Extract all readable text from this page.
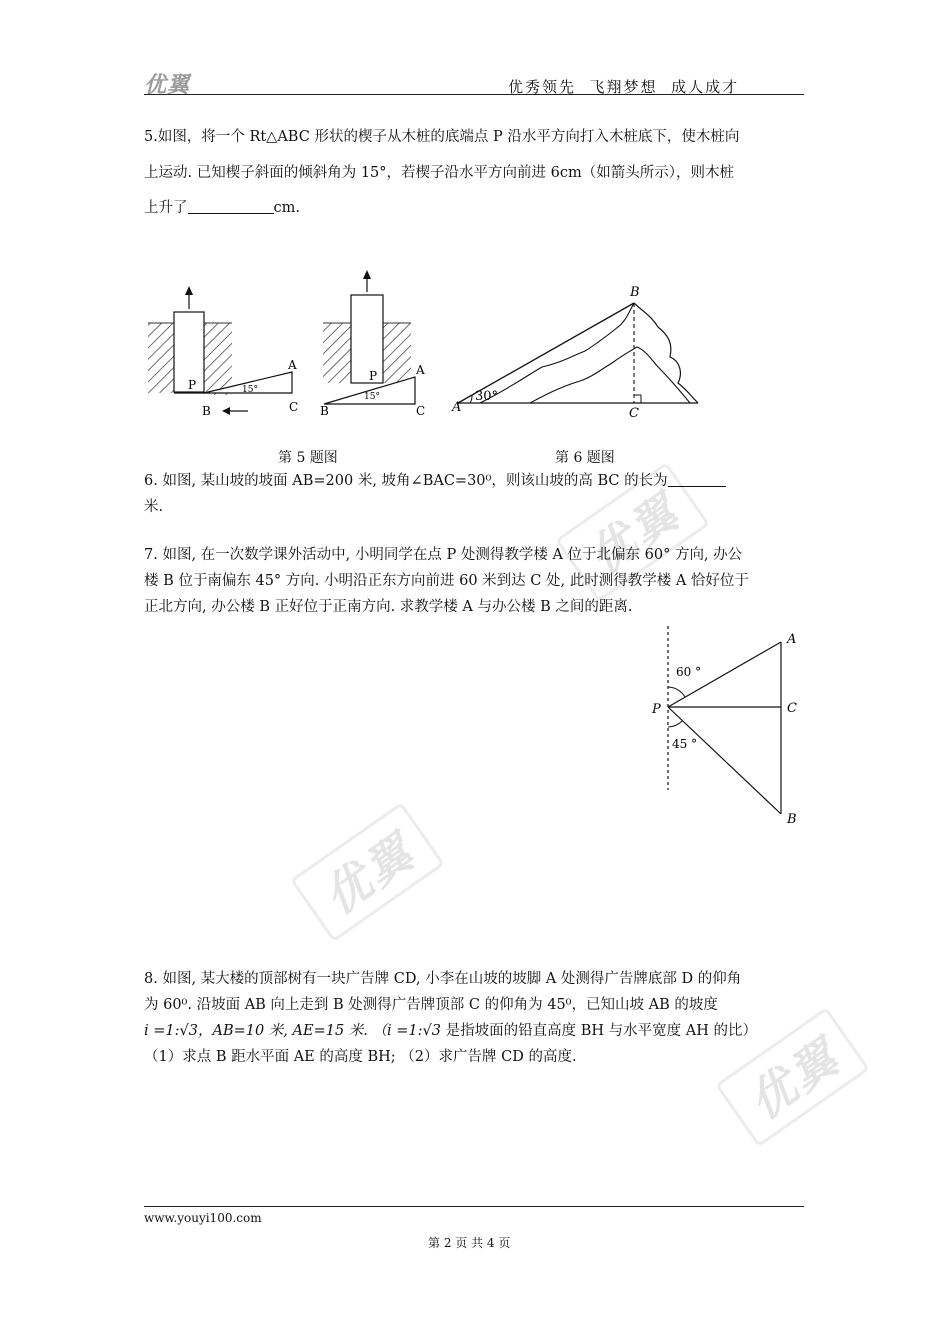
优翼
优翼
优翼
优翼	优秀领先  飞翔梦想  成人成才
5.如图，将一个 Rt△ABC 形状的楔子从木桩的底端点 P 沿水平方向打入木桩底下，使木桩向
上运动. 已知楔子斜面的倾斜角为 15°，若楔子沿水平方向前进 6cm（如箭头所示），则木桩
上升了	cm.
P
A
B	C
15°
P	A
B	C
15°
A
B
C
30°
第 5 题图	第 6 题图
6. 如图, 某山坡的坡面 AB=200 米, 坡角∠BAC=30⁰，则该山坡的高 BC 的长为
米.
7. 如图, 在一次数学课外活动中, 小明同学在点 P 处测得教学楼 A 位于北偏东 60° 方向, 办公
楼 B 位于南偏东 45° 方向. 小明沿正东方向前进 60 米到达 C 处, 此时测得教学楼 A 恰好位于
正北方向, 办公楼 B 正好位于正南方向. 求教学楼 A 与办公楼 B 之间的距离.
A
C
P
B
60 °
45 °
8. 如图, 某大楼的顶部树有一块广告牌 CD, 小李在山坡的坡脚 A 处测得广告牌底部 D 的仰角
为 60⁰. 沿坡面 AB 向上走到 B 处测得广告牌顶部 C 的仰角为 45⁰，已知山坡 AB 的坡度
i =1:√3，AB=10 米, AE=15 米. （i =1:√3 是指坡面的铅直高度 BH 与水平宽度 AH 的比）
（1）求点 B 距水平面 AE 的高度 BH; （2）求广告牌 CD 的高度.
www.youyi100.com
第 2 页 共 4 页
